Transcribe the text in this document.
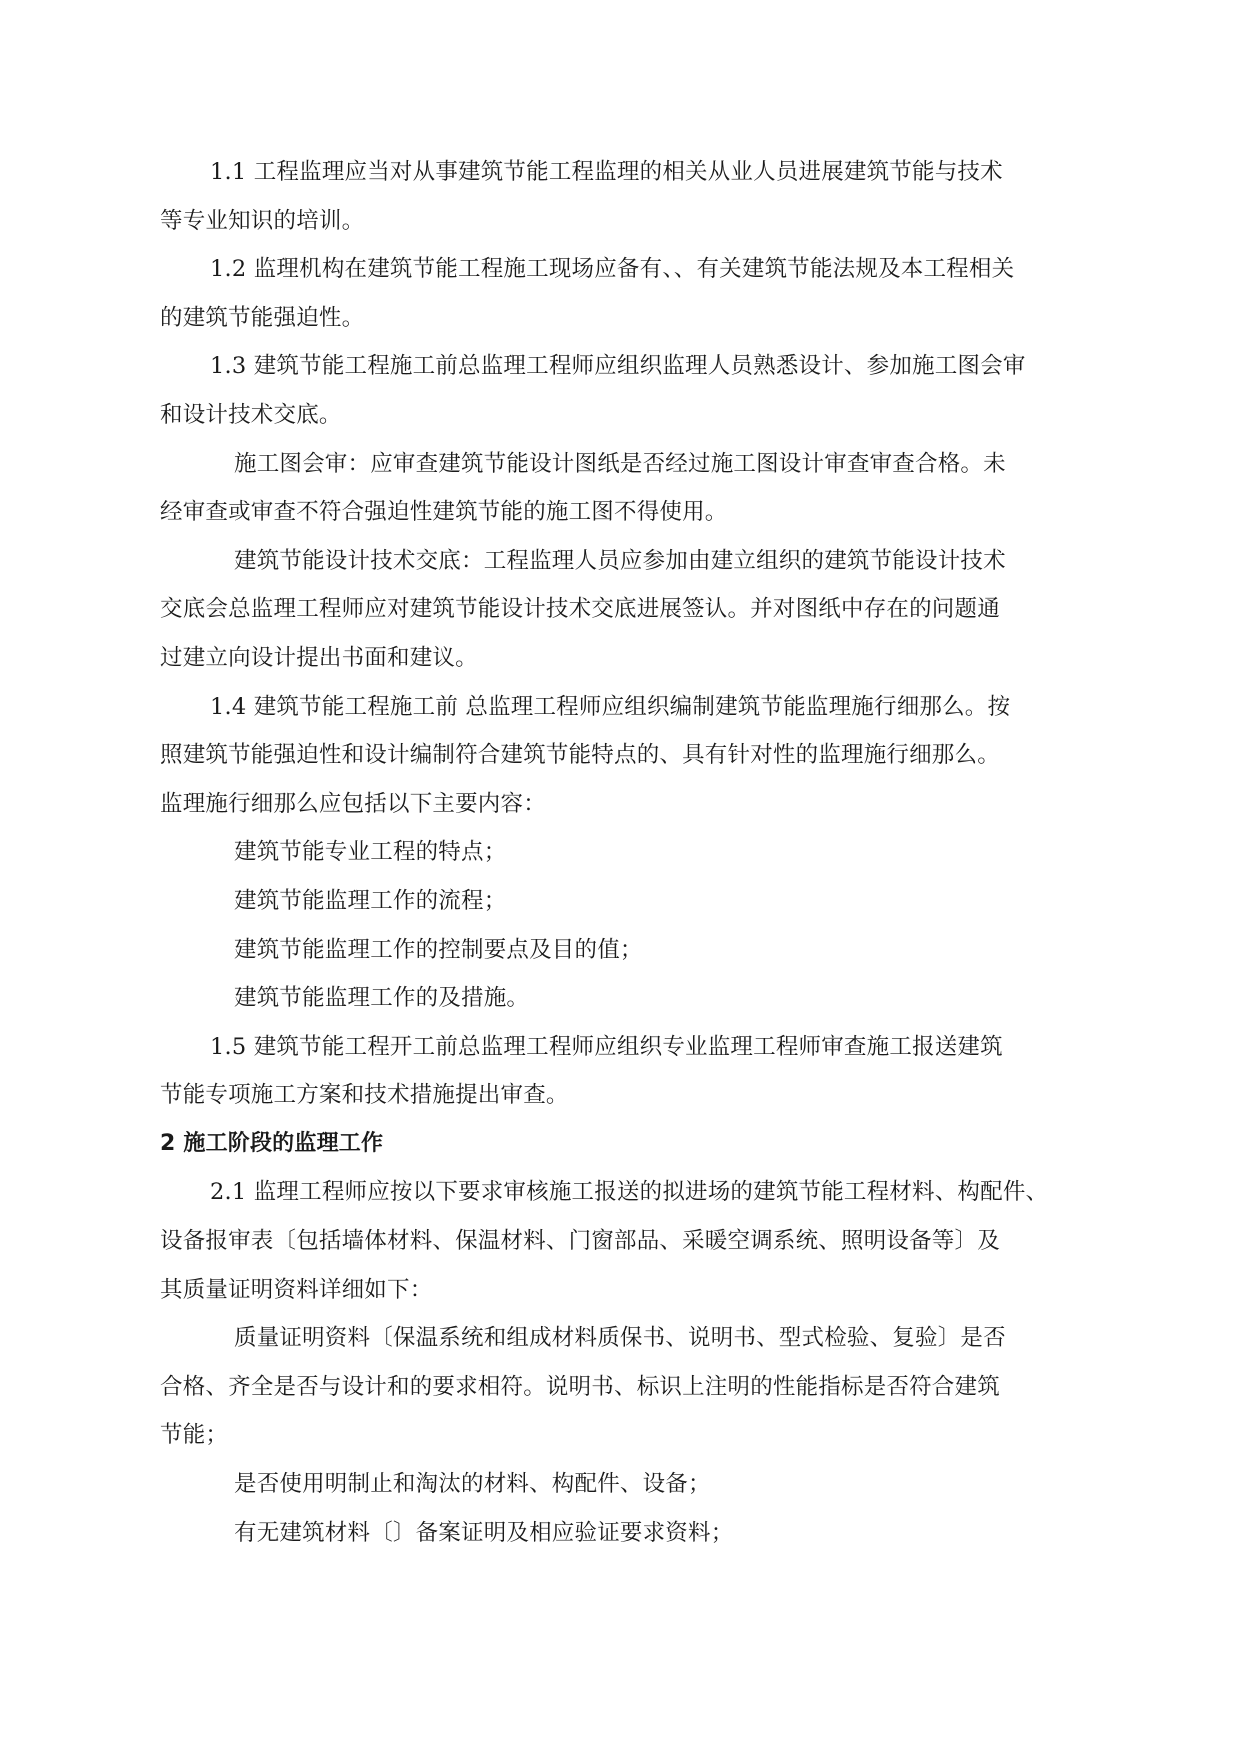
1.1 工程监理应当对从事建筑节能工程监理的相关从业人员进展建筑节能与技术
等专业知识的培训。
1.2 监理机构在建筑节能工程施工现场应备有、、有关建筑节能法规及本工程相关
的建筑节能强迫性。
1.3 建筑节能工程施工前总监理工程师应组织监理人员熟悉设计、参加施工图会审
和设计技术交底。
施工图会审：应审查建筑节能设计图纸是否经过施工图设计审查审查合格。未
经审查或审查不符合强迫性建筑节能的施工图不得使用。
建筑节能设计技术交底：工程监理人员应参加由建立组织的建筑节能设计技术
交底会总监理工程师应对建筑节能设计技术交底进展签认。并对图纸中存在的问题通
过建立向设计提出书面和建议。
1.4 建筑节能工程施工前 总监理工程师应组织编制建筑节能监理施行细那么。按
照建筑节能强迫性和设计编制符合建筑节能特点的、具有针对性的监理施行细那么。
监理施行细那么应包括以下主要内容：
建筑节能专业工程的特点；
建筑节能监理工作的流程；
建筑节能监理工作的控制要点及目的值；
建筑节能监理工作的及措施。
1.5 建筑节能工程开工前总监理工程师应组织专业监理工程师审查施工报送建筑
节能专项施工方案和技术措施提出审查。
2 施工阶段的监理工作
2.1 监理工程师应按以下要求审核施工报送的拟进场的建筑节能工程材料、构配件、
设备报审表〔包括墙体材料、保温材料、门窗部品、采暖空调系统、照明设备等〕及
其质量证明资料详细如下：
质量证明资料〔保温系统和组成材料质保书、说明书、型式检验、复验〕是否
合格、齐全是否与设计和的要求相符。说明书、标识上注明的性能指标是否符合建筑
节能；
是否使用明制止和淘汰的材料、构配件、设备；
有无建筑材料〔〕备案证明及相应验证要求资料；
